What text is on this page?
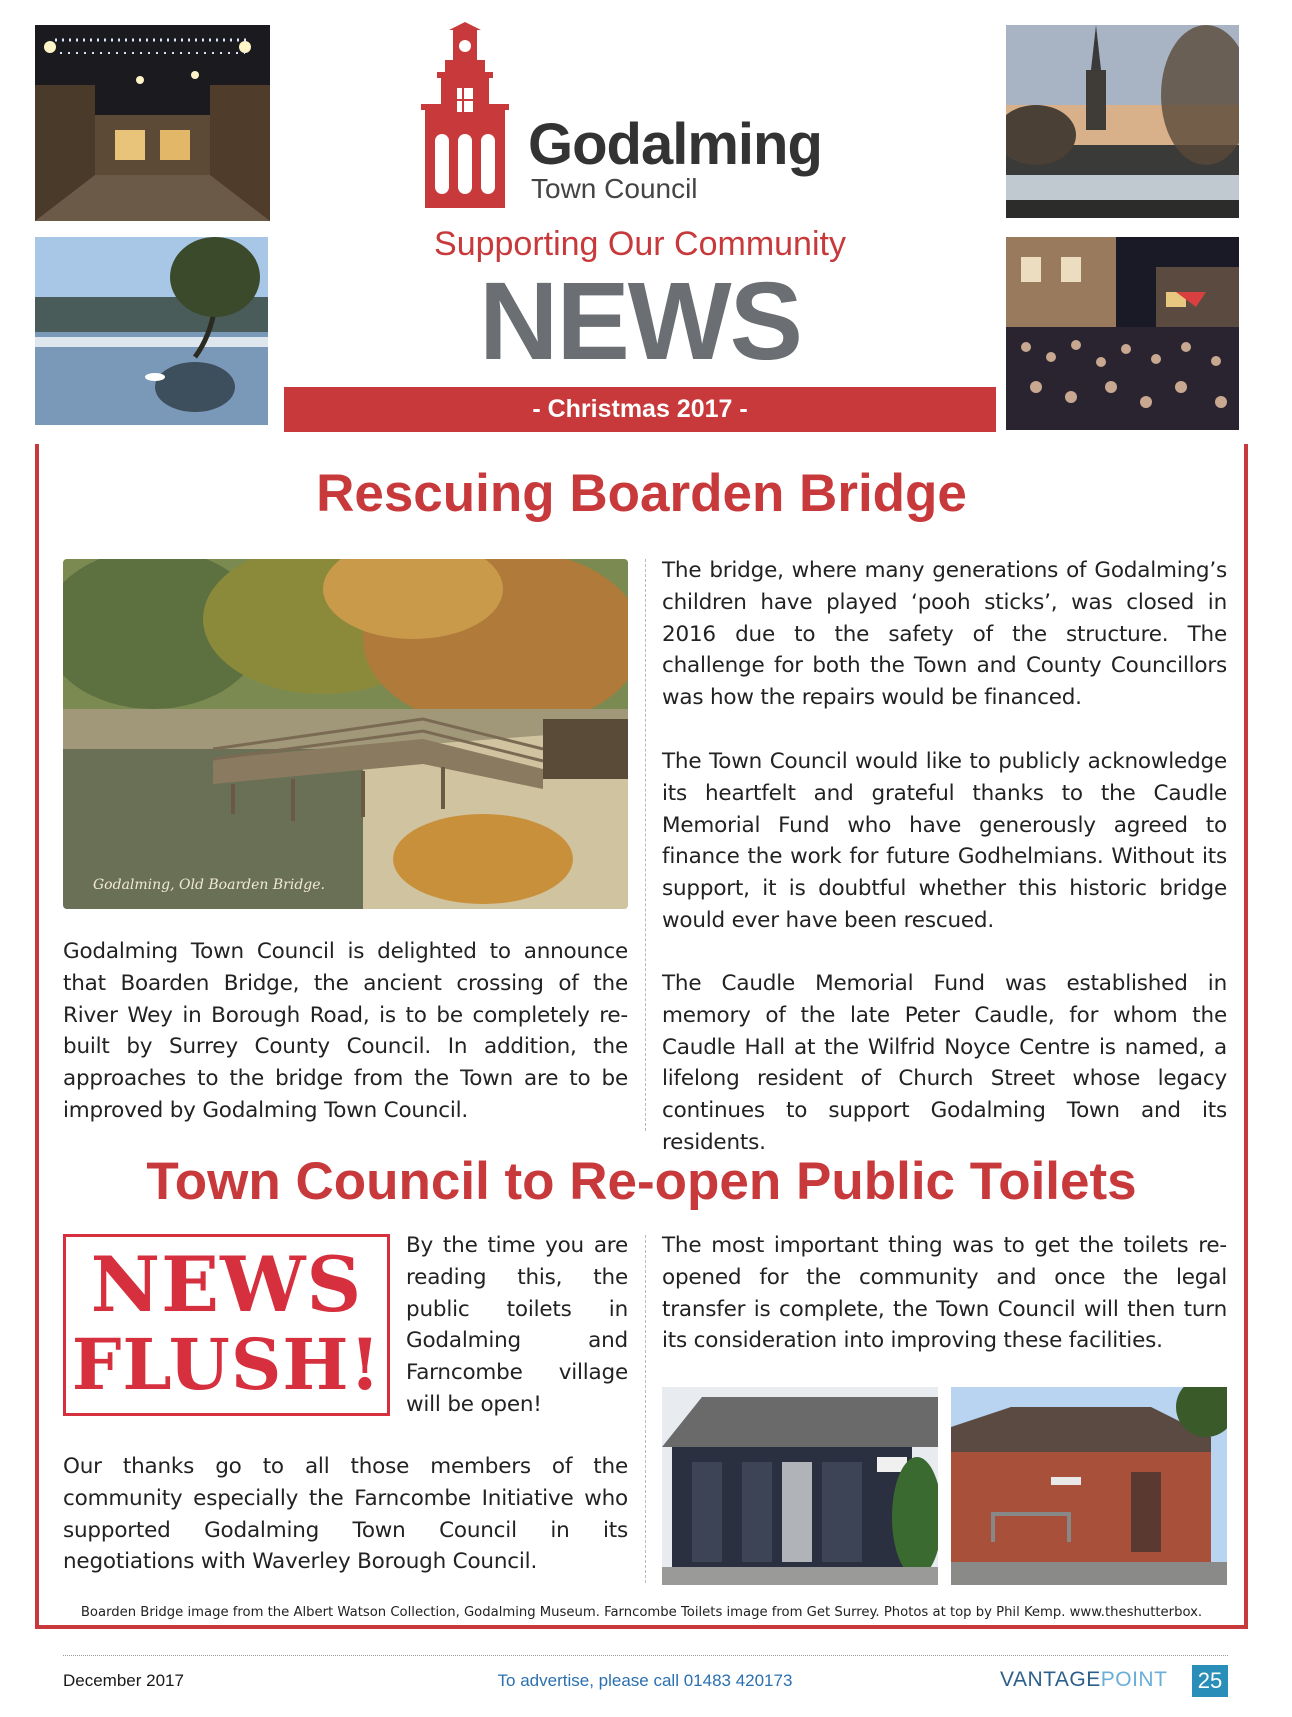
Godalming
Town Council
Supporting Our Community
NEWS
- Christmas 2017 -
Rescuing Boarden Bridge
Godalming, Old Boarden Bridge.
Godalming Town Council is delighted to announce that Boarden Bridge, the ancient crossing of the River Wey in Borough Road, is to be completely re-built by Surrey County Council. In addition, the approaches to the bridge from the Town are to be improved by Godalming Town Council.
The bridge, where many generations of Godalming’s children have played ‘pooh sticks’, was closed in 2016 due to the safety of the structure. The challenge for both the Town and County Councillors was how the repairs would be financed.
The Town Council would like to publicly acknowledge its heartfelt and grateful thanks to the Caudle Memorial Fund who have generously agreed to finance the work for future Godhelmians. Without its support, it is doubtful whether this historic bridge would ever have been rescued.
The Caudle Memorial Fund was established in memory of the late Peter Caudle, for whom the Caudle Hall at the Wilfrid Noyce Centre is named, a lifelong resident of Church Street whose legacy continues to support Godalming Town and its residents.
Town Council to Re-open Public Toilets
NEWS
FLUSH!
By the time you are reading this, the public toilets in Godalming and Farncombe village will be open!
Our thanks go to all those members of the community especially the Farncombe Initiative who supported Godalming Town Council in its negotiations with Waverley Borough Council.
The most important thing was to get the toilets re-opened for the community and once the legal transfer is complete, the Town Council will then turn its consideration into improving these facilities.
Boarden Bridge image from the Albert Watson Collection, Godalming Museum. Farncombe Toilets image from Get Surrey. Photos at top by Phil Kemp. www.theshutterbox.
December 2017	To advertise, please call 01483 420173	VANTAGEPOINT 25
